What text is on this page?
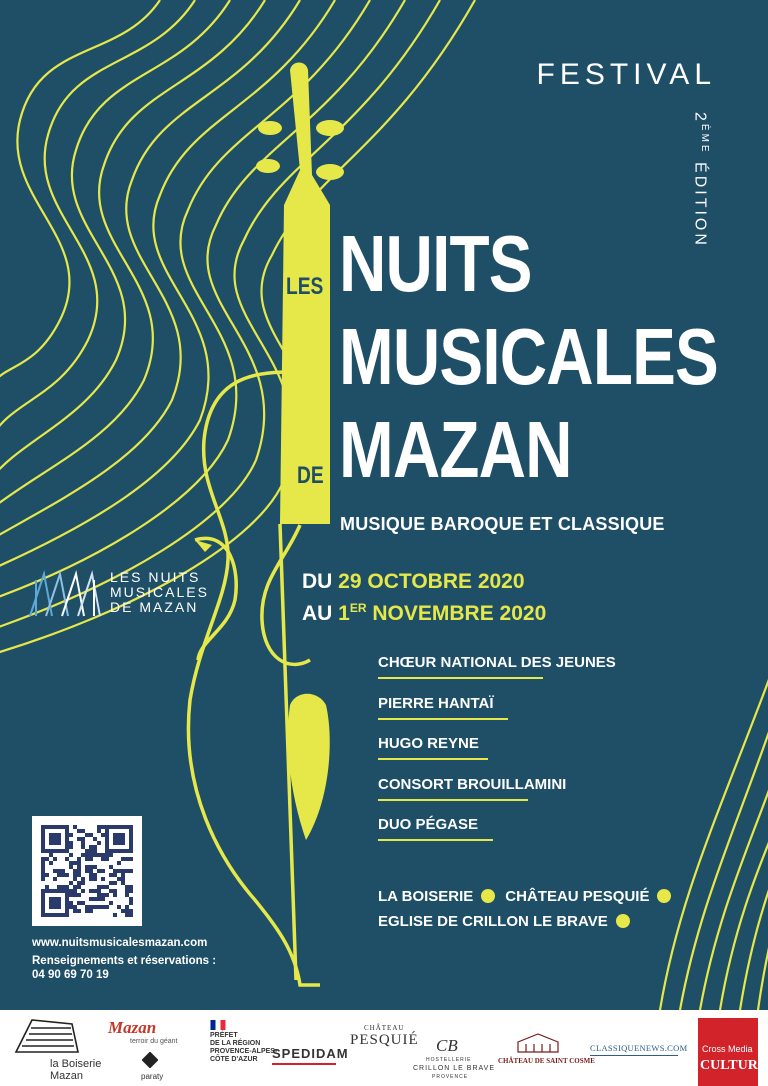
FESTIVAL
2ÈME ÉDITION
LES NUITS
MUSICALES
DE MAZAN
MUSIQUE BAROQUE ET CLASSIQUE
DU 29 OCTOBRE 2020
AU 1ER NOVEMBRE 2020
LES NUITS
MUSICALES
DE MAZAN
CHŒUR NATIONAL DES JEUNES
PIERRE HANTAÏ
HUGO REYNE
CONSORT BROUILLAMINI
DUO PÉGASE
LA BOISERIE CHÂTEAU PESQUIÉ
EGLISE DE CRILLON LE BRAVE
www.nuitsmusicalesmazan.com
Renseignements et réservations :
04 90 69 70 19
la Boiserie
Mazan
Mazan
terroir du géant
paraty
PRÉFET
DE LA RÉGION
PROVENCE-ALPES-
CÔTE D'AZUR	SPEDIDAM
CHÂTEAU
PESQUIÉ CB
HOSTELLERIE
CRILLON LE BRAVE
PROVENCE
CHÂTEAU DE SAINT COSME
CLASSIQUENEWS.COM Cross Media
CULTURE
